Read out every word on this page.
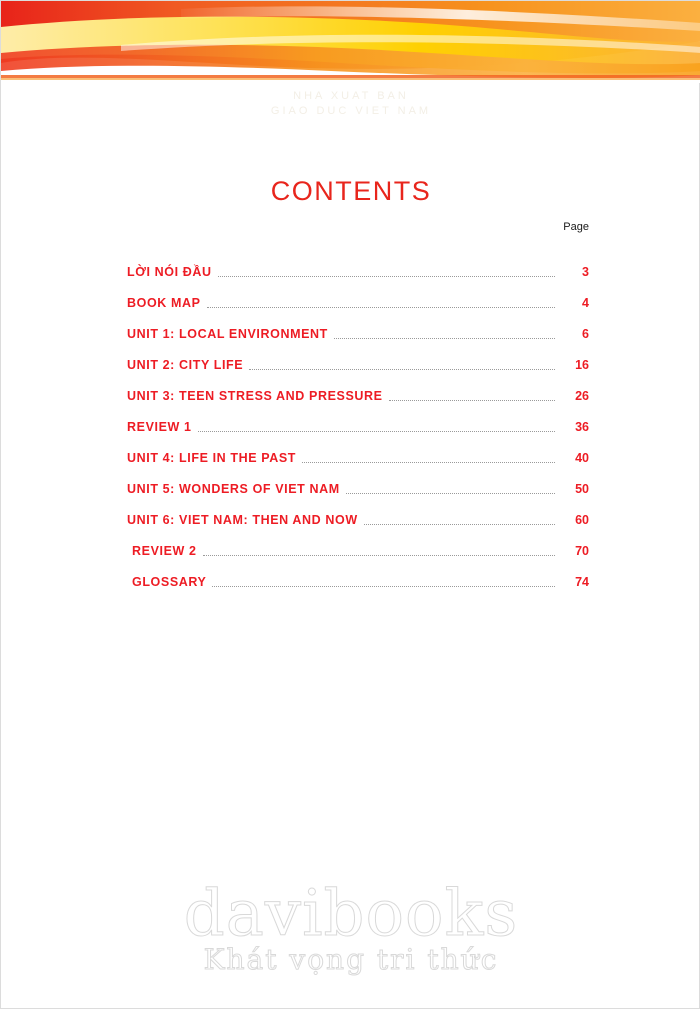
NHA XUAT BAN
GIAO DUC VIET NAM
CONTENTS
Page
LỜI NÓI ĐẦU	3
BOOK MAP	4
UNIT 1: LOCAL ENVIRONMENT	6
UNIT 2: CITY LIFE	16
UNIT 3: TEEN STRESS AND PRESSURE	26
REVIEW 1	36
UNIT 4: LIFE IN THE PAST	40
UNIT 5: WONDERS OF VIET NAM	50
UNIT 6: VIET NAM: THEN AND NOW	60
REVIEW 2	70
GLOSSARY	74
davibooks
Khát vọng tri thức
